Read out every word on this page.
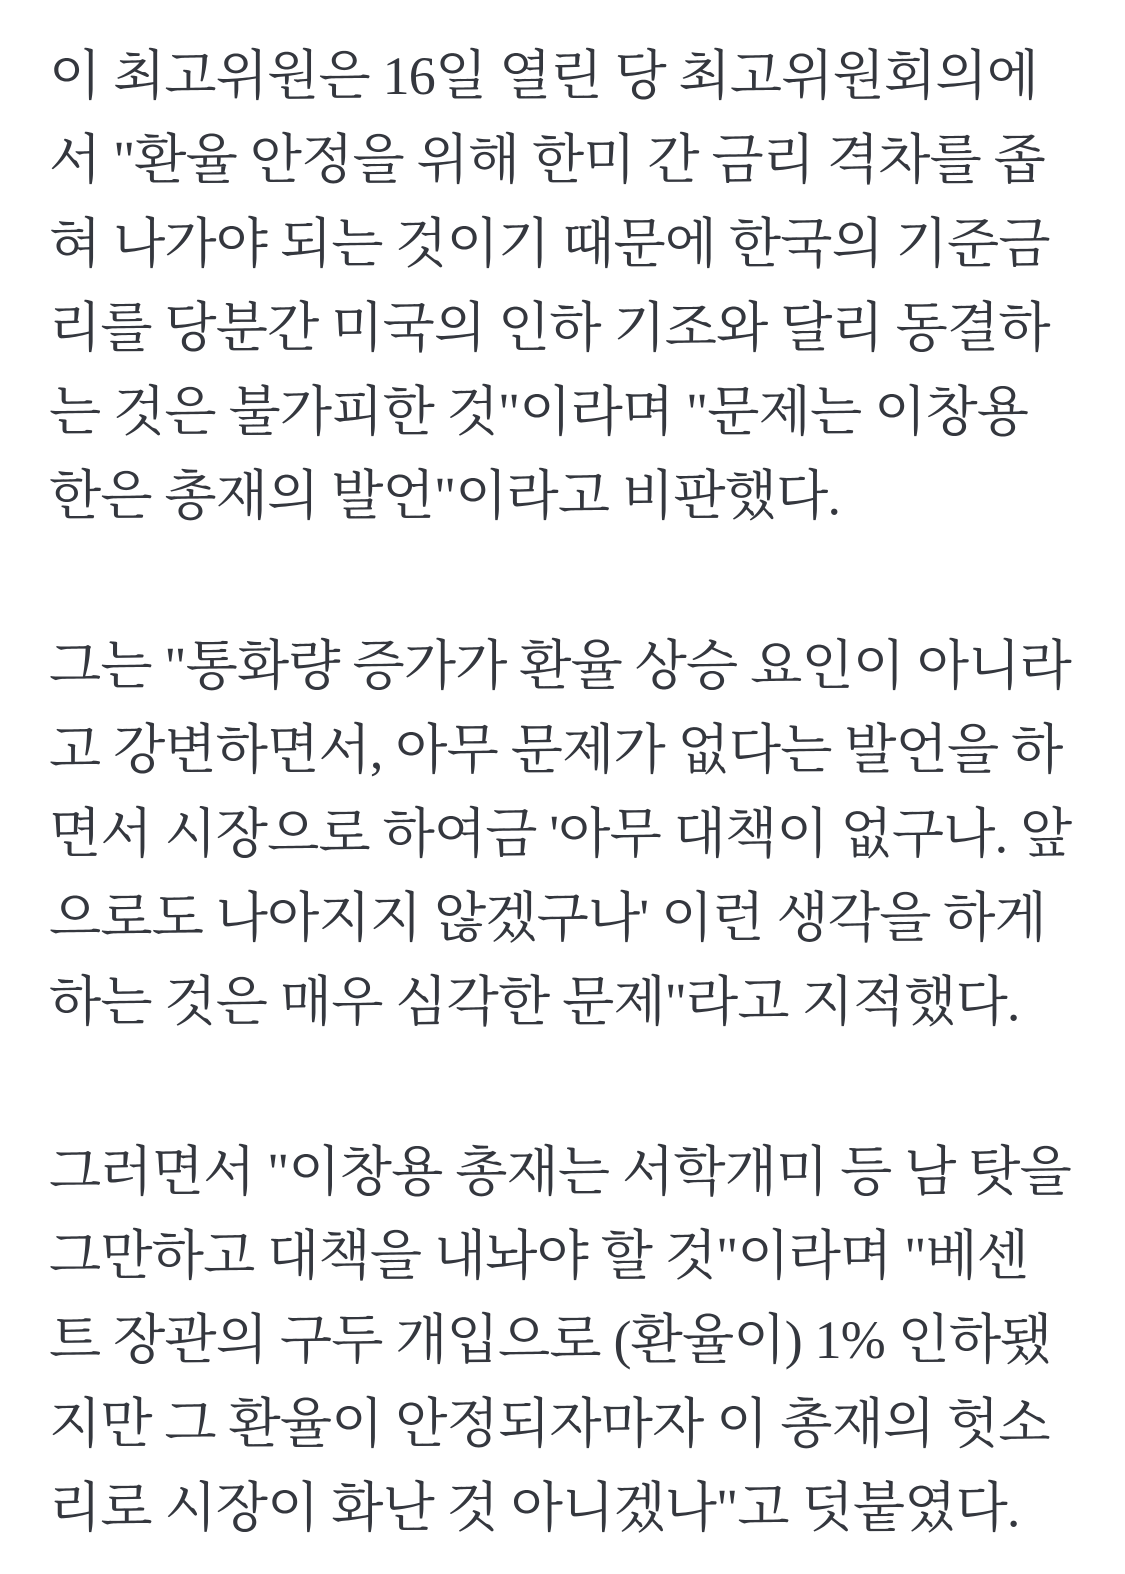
이 최고위원은 16일 열린 당 최고위원회의에서 "환율 안정을 위해 한미 간 금리 격차를 좁혀 나가야 되는 것이기 때문에 한국의 기준금리를 당분간 미국의 인하 기조와 달리 동결하는 것은 불가피한 것"이라며 "문제는 이창용 한은 총재의 발언"이라고 비판했다.

그는 "통화량 증가가 환율 상승 요인이 아니라고 강변하면서, 아무 문제가 없다는 발언을 하면서 시장으로 하여금 '아무 대책이 없구나. 앞으로도 나아지지 않겠구나' 이런 생각을 하게 하는 것은 매우 심각한 문제"라고 지적했다.

그러면서 "이창용 총재는 서학개미 등 남 탓을 그만하고 대책을 내놔야 할 것"이라며 "베센트 장관의 구두 개입으로 (환율이) 1% 인하됐지만 그 환율이 안정되자마자 이 총재의 헛소리로 시장이 화난 것 아니겠나"고 덧붙였다.
